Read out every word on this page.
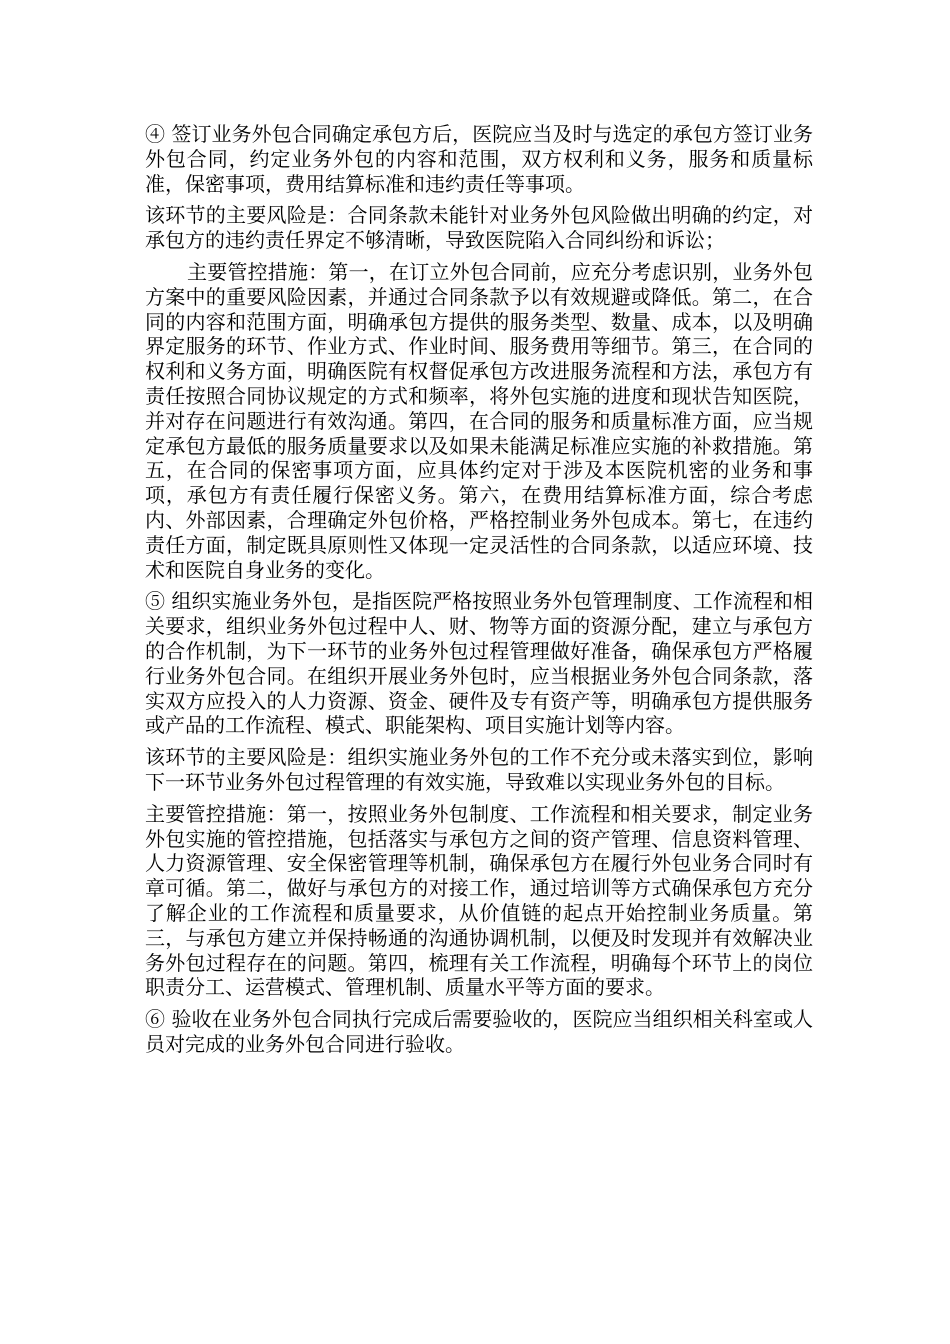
④ 签订业务外包合同确定承包方后，医院应当及时与选定的承包方签订业务外包合同，约定业务外包的内容和范围，双方权利和义务，服务和质量标准，保密事项，费用结算标准和违约责任等事项。

该环节的主要风险是：合同条款未能针对业务外包风险做出明确的约定，对承包方的违约责任界定不够清晰，导致医院陷入合同纠纷和诉讼；

主要管控措施：第一，在订立外包合同前，应充分考虑识别，业务外包方案中的重要风险因素，并通过合同条款予以有效规避或降低。第二，在合同的内容和范围方面，明确承包方提供的服务类型、数量、成本，以及明确界定服务的环节、作业方式、作业时间、服务费用等细节。第三，在合同的权利和义务方面，明确医院有权督促承包方改进服务流程和方法，承包方有责任按照合同协议规定的方式和频率，将外包实施的进度和现状告知医院，并对存在问题进行有效沟通。第四，在合同的服务和质量标准方面，应当规定承包方最低的服务质量要求以及如果未能满足标准应实施的补救措施。第五，在合同的保密事项方面，应具体约定对于涉及本医院机密的业务和事项，承包方有责任履行保密义务。第六，在费用结算标准方面，综合考虑内、外部因素，合理确定外包价格，严格控制业务外包成本。第七，在违约责任方面，制定既具原则性又体现一定灵活性的合同条款，以适应环境、技术和医院自身业务的变化。

⑤ 组织实施业务外包，是指医院严格按照业务外包管理制度、工作流程和相关要求，组织业务外包过程中人、财、物等方面的资源分配，建立与承包方的合作机制，为下一环节的业务外包过程管理做好准备，确保承包方严格履行业务外包合同。在组织开展业务外包时，应当根据业务外包合同条款，落实双方应投入的人力资源、资金、硬件及专有资产等，明确承包方提供服务或产品的工作流程、模式、职能架构、项目实施计划等内容。

该环节的主要风险是：组织实施业务外包的工作不充分或未落实到位，影响下一环节业务外包过程管理的有效实施，导致难以实现业务外包的目标。

主要管控措施：第一，按照业务外包制度、工作流程和相关要求，制定业务外包实施的管控措施，包括落实与承包方之间的资产管理、信息资料管理、人力资源管理、安全保密管理等机制，确保承包方在履行外包业务合同时有章可循。第二，做好与承包方的对接工作，通过培训等方式确保承包方充分了解企业的工作流程和质量要求，从价值链的起点开始控制业务质量。第三，与承包方建立并保持畅通的沟通协调机制，以便及时发现并有效解决业务外包过程存在的问题。第四，梳理有关工作流程，明确每个环节上的岗位职责分工、运营模式、管理机制、质量水平等方面的要求。

⑥ 验收在业务外包合同执行完成后需要验收的，医院应当组织相关科室或人员对完成的业务外包合同进行验收。
